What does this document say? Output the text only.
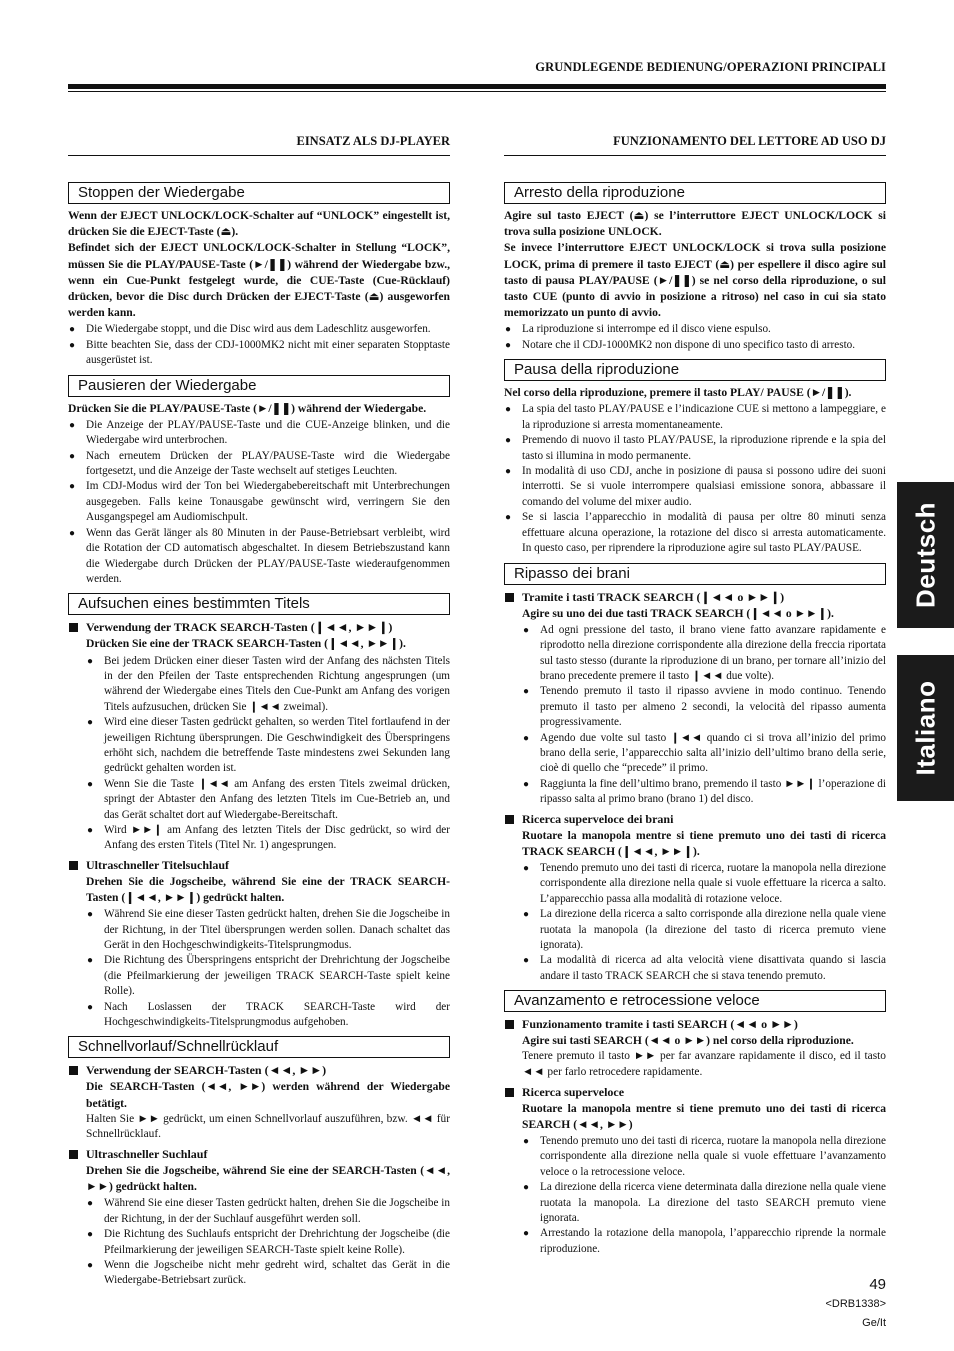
GRUNDLEGENDE BEDIENUNG/OPERAZIONI PRINCIPALI
EINSATZ ALS DJ-PLAYER
Stoppen der Wiedergabe

Wenn der EJECT UNLOCK/LOCK-Schalter auf “UNLOCK” eingestellt ist, drücken Sie die EJECT-Taste (⏏).

Befindet sich der EJECT UNLOCK/LOCK-Schalter in Stellung “LOCK”, müssen Sie die PLAY/PAUSE-Taste (►/❚❚) während der Wiedergabe bzw., wenn ein Cue-Punkt festgelegt wurde, die CUE-Taste (Cue-Rücklauf) drücken, bevor die Disc durch Drücken der EJECT-Taste (⏏) ausgeworfen werden kann.

● Die Wiedergabe stoppt, und die Disc wird aus dem Ladeschlitz ausgeworfen.
● Bitte beachten Sie, dass der CDJ-1000MK2 nicht mit einer separaten Stopptaste ausgerüstet ist.
Pausieren der Wiedergabe

Drücken Sie die PLAY/PAUSE-Taste (►/❚❚) während der Wiedergabe.

● Die Anzeige der PLAY/PAUSE-Taste und die CUE-Anzeige blinken, und die Wiedergabe wird unterbrochen.
● Nach erneutem Drücken der PLAY/PAUSE-Taste wird die Wiedergabe fortgesetzt, und die Anzeige der Taste wechselt auf stetiges Leuchten.
● Im CDJ-Modus wird der Ton bei Wiedergabebereitschaft mit Unterbrechungen ausgegeben. Falls keine Tonausgabe gewünscht wird, verringern Sie den Ausgangspegel am Audiomischpult.
● Wenn das Gerät länger als 80 Minuten in der Pause-Betriebsart verbleibt, wird die Rotation der CD automatisch abgeschaltet. In diesem Betriebszustand kann die Wiedergabe durch Drücken der PLAY/PAUSE-Taste wiederaufgenommen werden.
Aufsuchen eines bestimmten Titels
Verwendung der TRACK SEARCH-Tasten (❙◄◄, ►►❙)

Drücken Sie eine der TRACK SEARCH-Tasten (❙◄◄, ►►❙).

● Bei jedem Drücken einer dieser Tasten wird der Anfang des nächsten Titels in der den Pfeilen der Taste entsprechenden Richtung angesprungen (um während der Wiedergabe eines Titels den Cue-Punkt am Anfang des vorigen Titels aufzusuchen, drücken Sie ❙◄◄ zweimal).
● Wird eine dieser Tasten gedrückt gehalten, so werden Titel fortlaufend in der jeweiligen Richtung übersprungen. Die Geschwindigkeit des Überspringens erhöht sich, nachdem die betreffende Taste mindestens zwei Sekunden lang gedrückt gehalten worden ist.
● Wenn Sie die Taste ❙◄◄ am Anfang des ersten Titels zweimal drücken, springt der Abtaster den Anfang des letzten Titels im Cue-Betrieb an, und das Gerät schaltet dort auf Wiedergabe-Bereitschaft.
● Wird ►►❙ am Anfang des letzten Titels der Disc gedrückt, so wird der Anfang des ersten Titels (Titel Nr. 1) angesprungen.
Ultraschneller Titelsuchlauf

Drehen Sie die Jogscheibe, während Sie eine der TRACK SEARCH-Tasten (❙◄◄, ►►❙) gedrückt halten.

● Während Sie eine dieser Tasten gedrückt halten, drehen Sie die Jogscheibe in der Richtung, in der Titel übersprungen werden sollen. Danach schaltet das Gerät in den Hochgeschwindigkeits-Titelsprungmodus.
● Die Richtung des Überspringens entspricht der Drehrichtung der Jogscheibe (die Pfeilmarkierung der jeweiligen TRACK SEARCH-Taste spielt keine Rolle).
● Nach Loslassen der TRACK SEARCH-Taste wird der Hochgeschwindigkeits-Titelsprungmodus aufgehoben.
Schnellvorlauf/Schnellrücklauf
Verwendung der SEARCH-Tasten (◄◄, ►►)

Die SEARCH-Tasten (◄◄, ►►) werden während der Wiedergabe betätigt.

Halten Sie ►► gedrückt, um einen Schnellvorlauf auszuführen, bzw. ◄◄ für Schnellrücklauf.

Ultraschneller Suchlauf

Drehen Sie die Jogscheibe, während Sie eine der SEARCH-Tasten (◄◄, ►►) gedrückt halten.

● Während Sie eine dieser Tasten gedrückt halten, drehen Sie die Jogscheibe in der Richtung, in der der Suchlauf ausgeführt werden soll.
● Die Richtung des Suchlaufs entspricht der Drehrichtung der Jogscheibe (die Pfeilmarkierung der jeweiligen SEARCH-Taste spielt keine Rolle).
● Wenn die Jogscheibe nicht mehr gedreht wird, schaltet das Gerät in die Wiedergabe-Betriebsart zurück.
FUNZIONAMENTO DEL LETTORE AD USO DJ
Arresto della riproduzione

Agire sul tasto EJECT (⏏) se l’interruttore EJECT UNLOCK/LOCK si trova sulla posizione UNLOCK.

Se invece l’interruttore EJECT UNLOCK/LOCK si trova sulla posizione LOCK, prima di premere il tasto EJECT (⏏) per espellere il disco agire sul tasto di pausa PLAY/PAUSE (►/❚❚) se nel corso della riproduzione, o sul tasto CUE (punto di avvio in posizione a ritroso) nel caso in cui sia stato memorizzato un punto di avvio.

● La riproduzione si interrompe ed il disco viene espulso.
● Notare che il CDJ-1000MK2 non dispone di uno specifico tasto di arresto.
Pausa della riproduzione

Nel corso della riproduzione, premere il tasto PLAY/ PAUSE (►/❚❚).

● La spia del tasto PLAY/PAUSE e l’indicazione CUE si mettono a lampeggiare, e la riproduzione si arresta momentaneamente.
● Premendo di nuovo il tasto PLAY/PAUSE, la riproduzione riprende e la spia del tasto si illumina in modo permanente.
● In modalità di uso CDJ, anche in posizione di pausa si possono udire dei suoni interrotti. Se si vuole interrompere qualsiasi emissione sonora, abbassare il comando del volume del mixer audio.
● Se si lascia l’apparecchio in modalità di pausa per oltre 80 minuti senza effettuare alcuna operazione, la rotazione del disco si arresta automaticamente. In questo caso, per riprendere la riproduzione agire sul tasto PLAY/PAUSE.
Ripasso dei brani
Tramite i tasti TRACK SEARCH (❙◄◄ o ►►❙)

Agire su uno dei due tasti TRACK SEARCH (❙◄◄ o ►►❙).

● Ad ogni pressione del tasto, il brano viene fatto avanzare rapidamente e riprodotto nella direzione corrispondente alla direzione della freccia riportata sul tasto stesso (durante la riproduzione di un brano, per tornare all’inizio del brano precedente premere il tasto ❙◄◄ due volte).
● Tenendo premuto il tasto il ripasso avviene in modo continuo. Tenendo premuto il tasto per almeno 2 secondi, la velocità del ripasso aumenta progressivamente.
● Agendo due volte sul tasto ❙◄◄ quando ci si trova all’inizio del primo brano della serie, l’apparecchio salta all’inizio dell’ultimo brano della serie, cioè di quello che “precede” il primo.
● Raggiunta la fine dell’ultimo brano, premendo il tasto ►►❙ l’operazione di ripasso salta al primo brano (brano 1) del disco.
Ricerca superveloce dei brani

Ruotare la manopola mentre si tiene premuto uno dei tasti di ricerca TRACK SEARCH (❙◄◄, ►►❙).

● Tenendo premuto uno dei tasti di ricerca, ruotare la manopola nella direzione corrispondente alla direzione nella quale si vuole effettuare la ricerca a salto. L’apparecchio passa alla modalità di rotazione veloce.
● La direzione della ricerca a salto corrisponde alla direzione nella quale viene ruotata la manopola (la direzione del tasto di ricerca premuto viene ignorata).
● La modalità di ricerca ad alta velocità viene disattivata quando si lascia andare il tasto TRACK SEARCH che si stava tenendo premuto.
Avanzamento e retrocessione veloce
Funzionamento tramite i tasti SEARCH (◄◄ o ►►)

Agire sui tasti SEARCH (◄◄ o ►►) nel corso della riproduzione.

Tenere premuto il tasto ►► per far avanzare rapidamente il disco, ed il tasto ◄◄ per farlo retrocedere rapidamente.

Ricerca superveloce

Ruotare la manopola mentre si tiene premuto uno dei tasti di ricerca SEARCH (◄◄, ►►)

● Tenendo premuto uno dei tasti di ricerca, ruotare la manopola nella direzione corrispondente alla direzione nella quale si vuole effettuare l’avanzamento veloce o la retrocessione veloce.
● La direzione della ricerca viene determinata dalla direzione nella quale viene ruotata la manopola. La direzione del tasto SEARCH premuto viene ignorata.
● Arrestando la rotazione della manopola, l’apparecchio riprende la normale riproduzione.
Deutsch
Italiano
49
<DRB1338>
Ge/It
